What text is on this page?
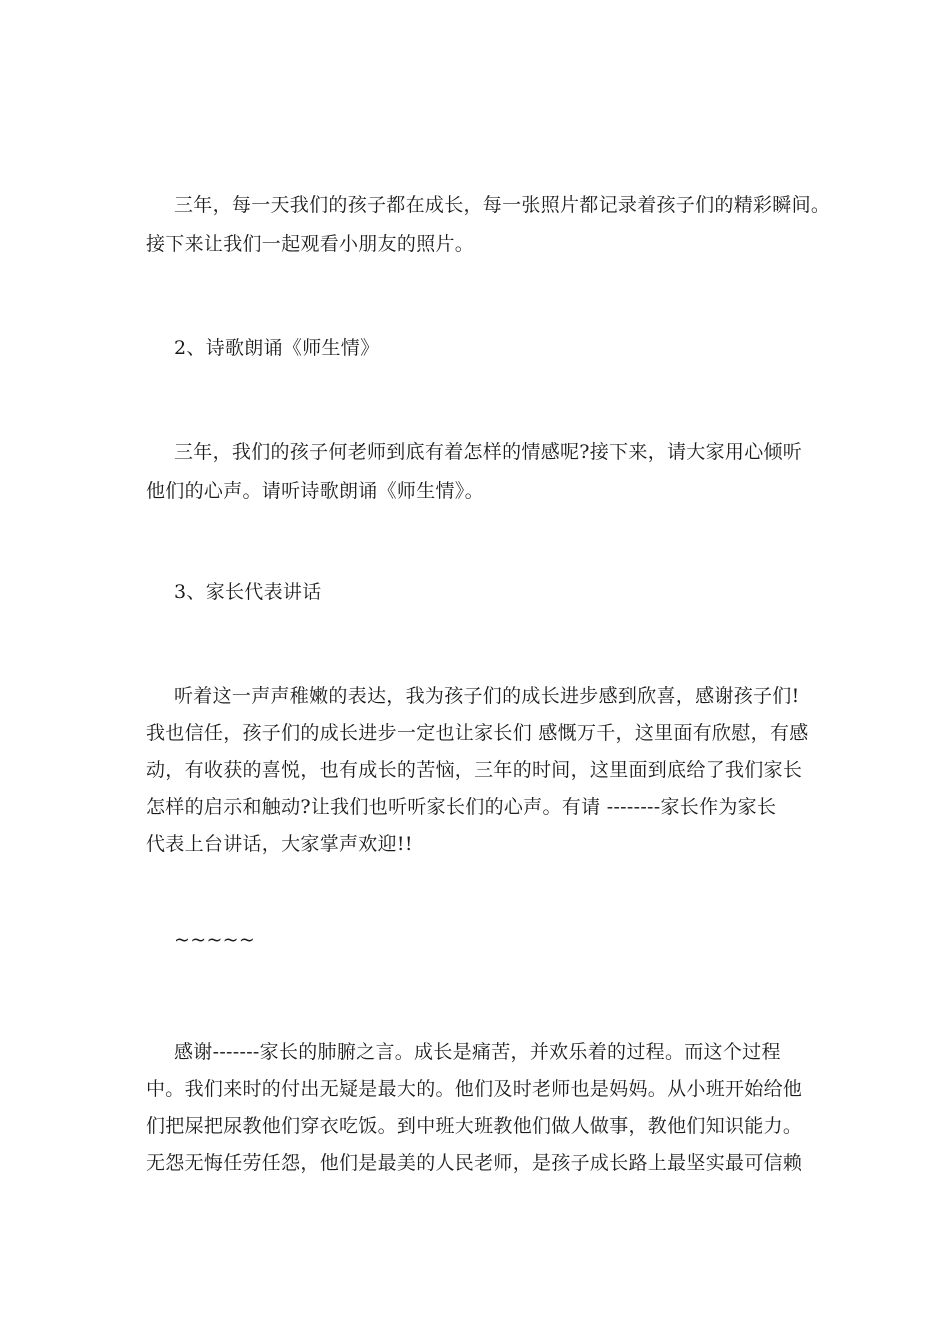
三年，每一天我们的孩子都在成长，每一张照片都记录着孩子们的精彩瞬间。
接下来让我们一起观看小朋友的照片。
2、诗歌朗诵《师生情》
三年，我们的孩子何老师到底有着怎样的情感呢?接下来，请大家用心倾听
他们的心声。请听诗歌朗诵《师生情》。
3、家长代表讲话
听着这一声声稚嫩的表达，我为孩子们的成长进步感到欣喜，感谢孩子们!
我也信任，孩子们的成长进步一定也让家长们 感慨万千，这里面有欣慰，有感
动，有收获的喜悦，也有成长的苦恼，三年的时间，这里面到底给了我们家长
怎样的启示和触动?让我们也听听家长们的心声。有请 --------家长作为家长
代表上台讲话，大家掌声欢迎!!
~~~~~
感谢-------家长的肺腑之言。成长是痛苦，并欢乐着的过程。而这个过程
中。我们来时的付出无疑是最大的。他们及时老师也是妈妈。从小班开始给他
们把屎把尿教他们穿衣吃饭。到中班大班教他们做人做事，教他们知识能力。
无怨无悔任劳任怨，他们是最美的人民老师，是孩子成长路上最坚实最可信赖
